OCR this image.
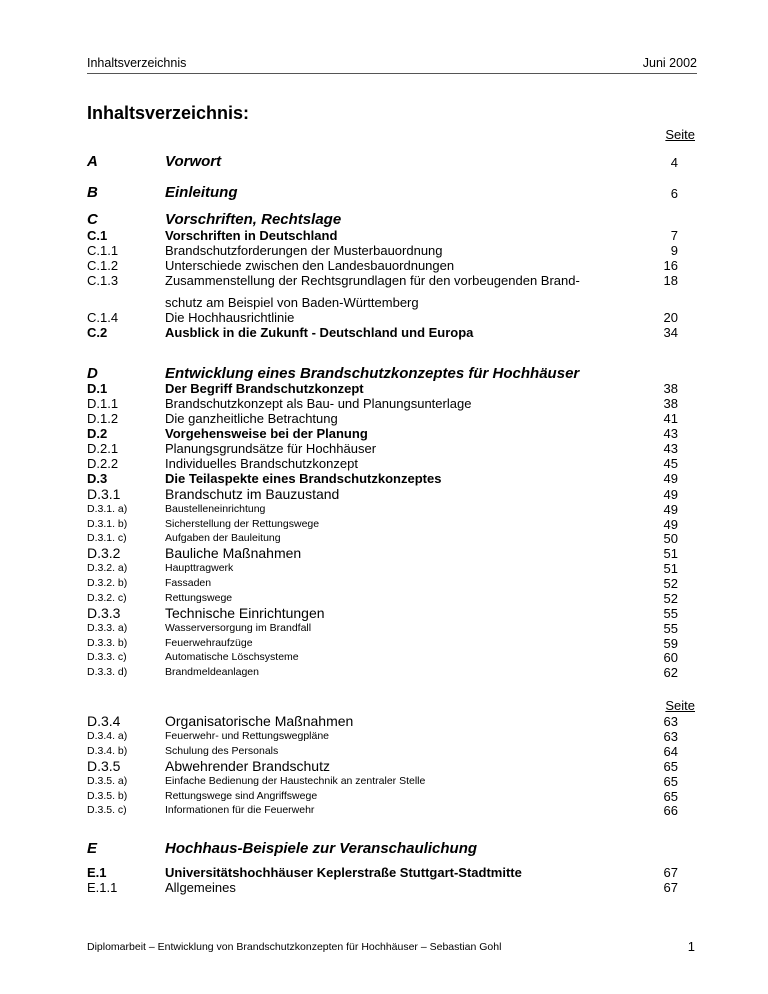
Inhaltsverzeichnis	Juni 2002
Inhaltsverzeichnis:
Seite
A	Vorwort	4
B	Einleitung	6
C	Vorschriften, Rechtslage
C.1	Vorschriften in Deutschland	7
C.1.1	Brandschutzforderungen der Musterbauordnung	9
C.1.2	Unterschiede zwischen den Landesbauordnungen	16
C.1.3	Zusammenstellung der Rechtsgrundlagen für den vorbeugenden Brand-	18
schutz am Beispiel von Baden-Württemberg
C.1.4	Die Hochhausrichtlinie	20
C.2	Ausblick in die Zukunft - Deutschland und Europa	34
D	Entwicklung eines Brandschutzkonzeptes für Hochhäuser
D.1	Der Begriff Brandschutzkonzept	38
D.1.1	Brandschutzkonzept als Bau- und Planungsunterlage	38
D.1.2	Die ganzheitliche Betrachtung	41
D.2	Vorgehensweise bei der Planung	43
D.2.1	Planungsgrundsätze für Hochhäuser	43
D.2.2	Individuelles Brandschutzkonzept	45
D.3	Die Teilaspekte eines Brandschutzkonzeptes	49
D.3.1	Brandschutz im Bauzustand	49
D.3.1. a)	Baustelleneinrichtung	49
D.3.1. b)	Sicherstellung der Rettungswege	49
D.3.1. c)	Aufgaben der Bauleitung	50
D.3.2	Bauliche Maßnahmen	51
D.3.2. a)	Haupttragwerk	51
D.3.2. b)	Fassaden	52
D.3.2. c)	Rettungswege	52
D.3.3	Technische Einrichtungen	55
D.3.3. a)	Wasserversorgung im Brandfall	55
D.3.3. b)	Feuerwehraufzüge	59
D.3.3. c)	Automatische Löschsysteme	60
D.3.3. d)	Brandmeldeanlagen	62
Seite
D.3.4	Organisatorische Maßnahmen	63
D.3.4. a)	Feuerwehr- und Rettungswegpläne	63
D.3.4. b)	Schulung des Personals	64
D.3.5	Abwehrender Brandschutz	65
D.3.5. a)	Einfache Bedienung der Haustechnik an zentraler Stelle	65
D.3.5. b)	Rettungswege sind Angriffswege	65
D.3.5. c)	Informationen für die Feuerwehr	66
E	Hochhaus-Beispiele zur Veranschaulichung
E.1	Universitätshochhäuser Keplerstraße Stuttgart-Stadtmitte	67
E.1.1	Allgemeines	67
Diplomarbeit – Entwicklung von Brandschutzkonzepten für Hochhäuser – Sebastian Gohl	1
